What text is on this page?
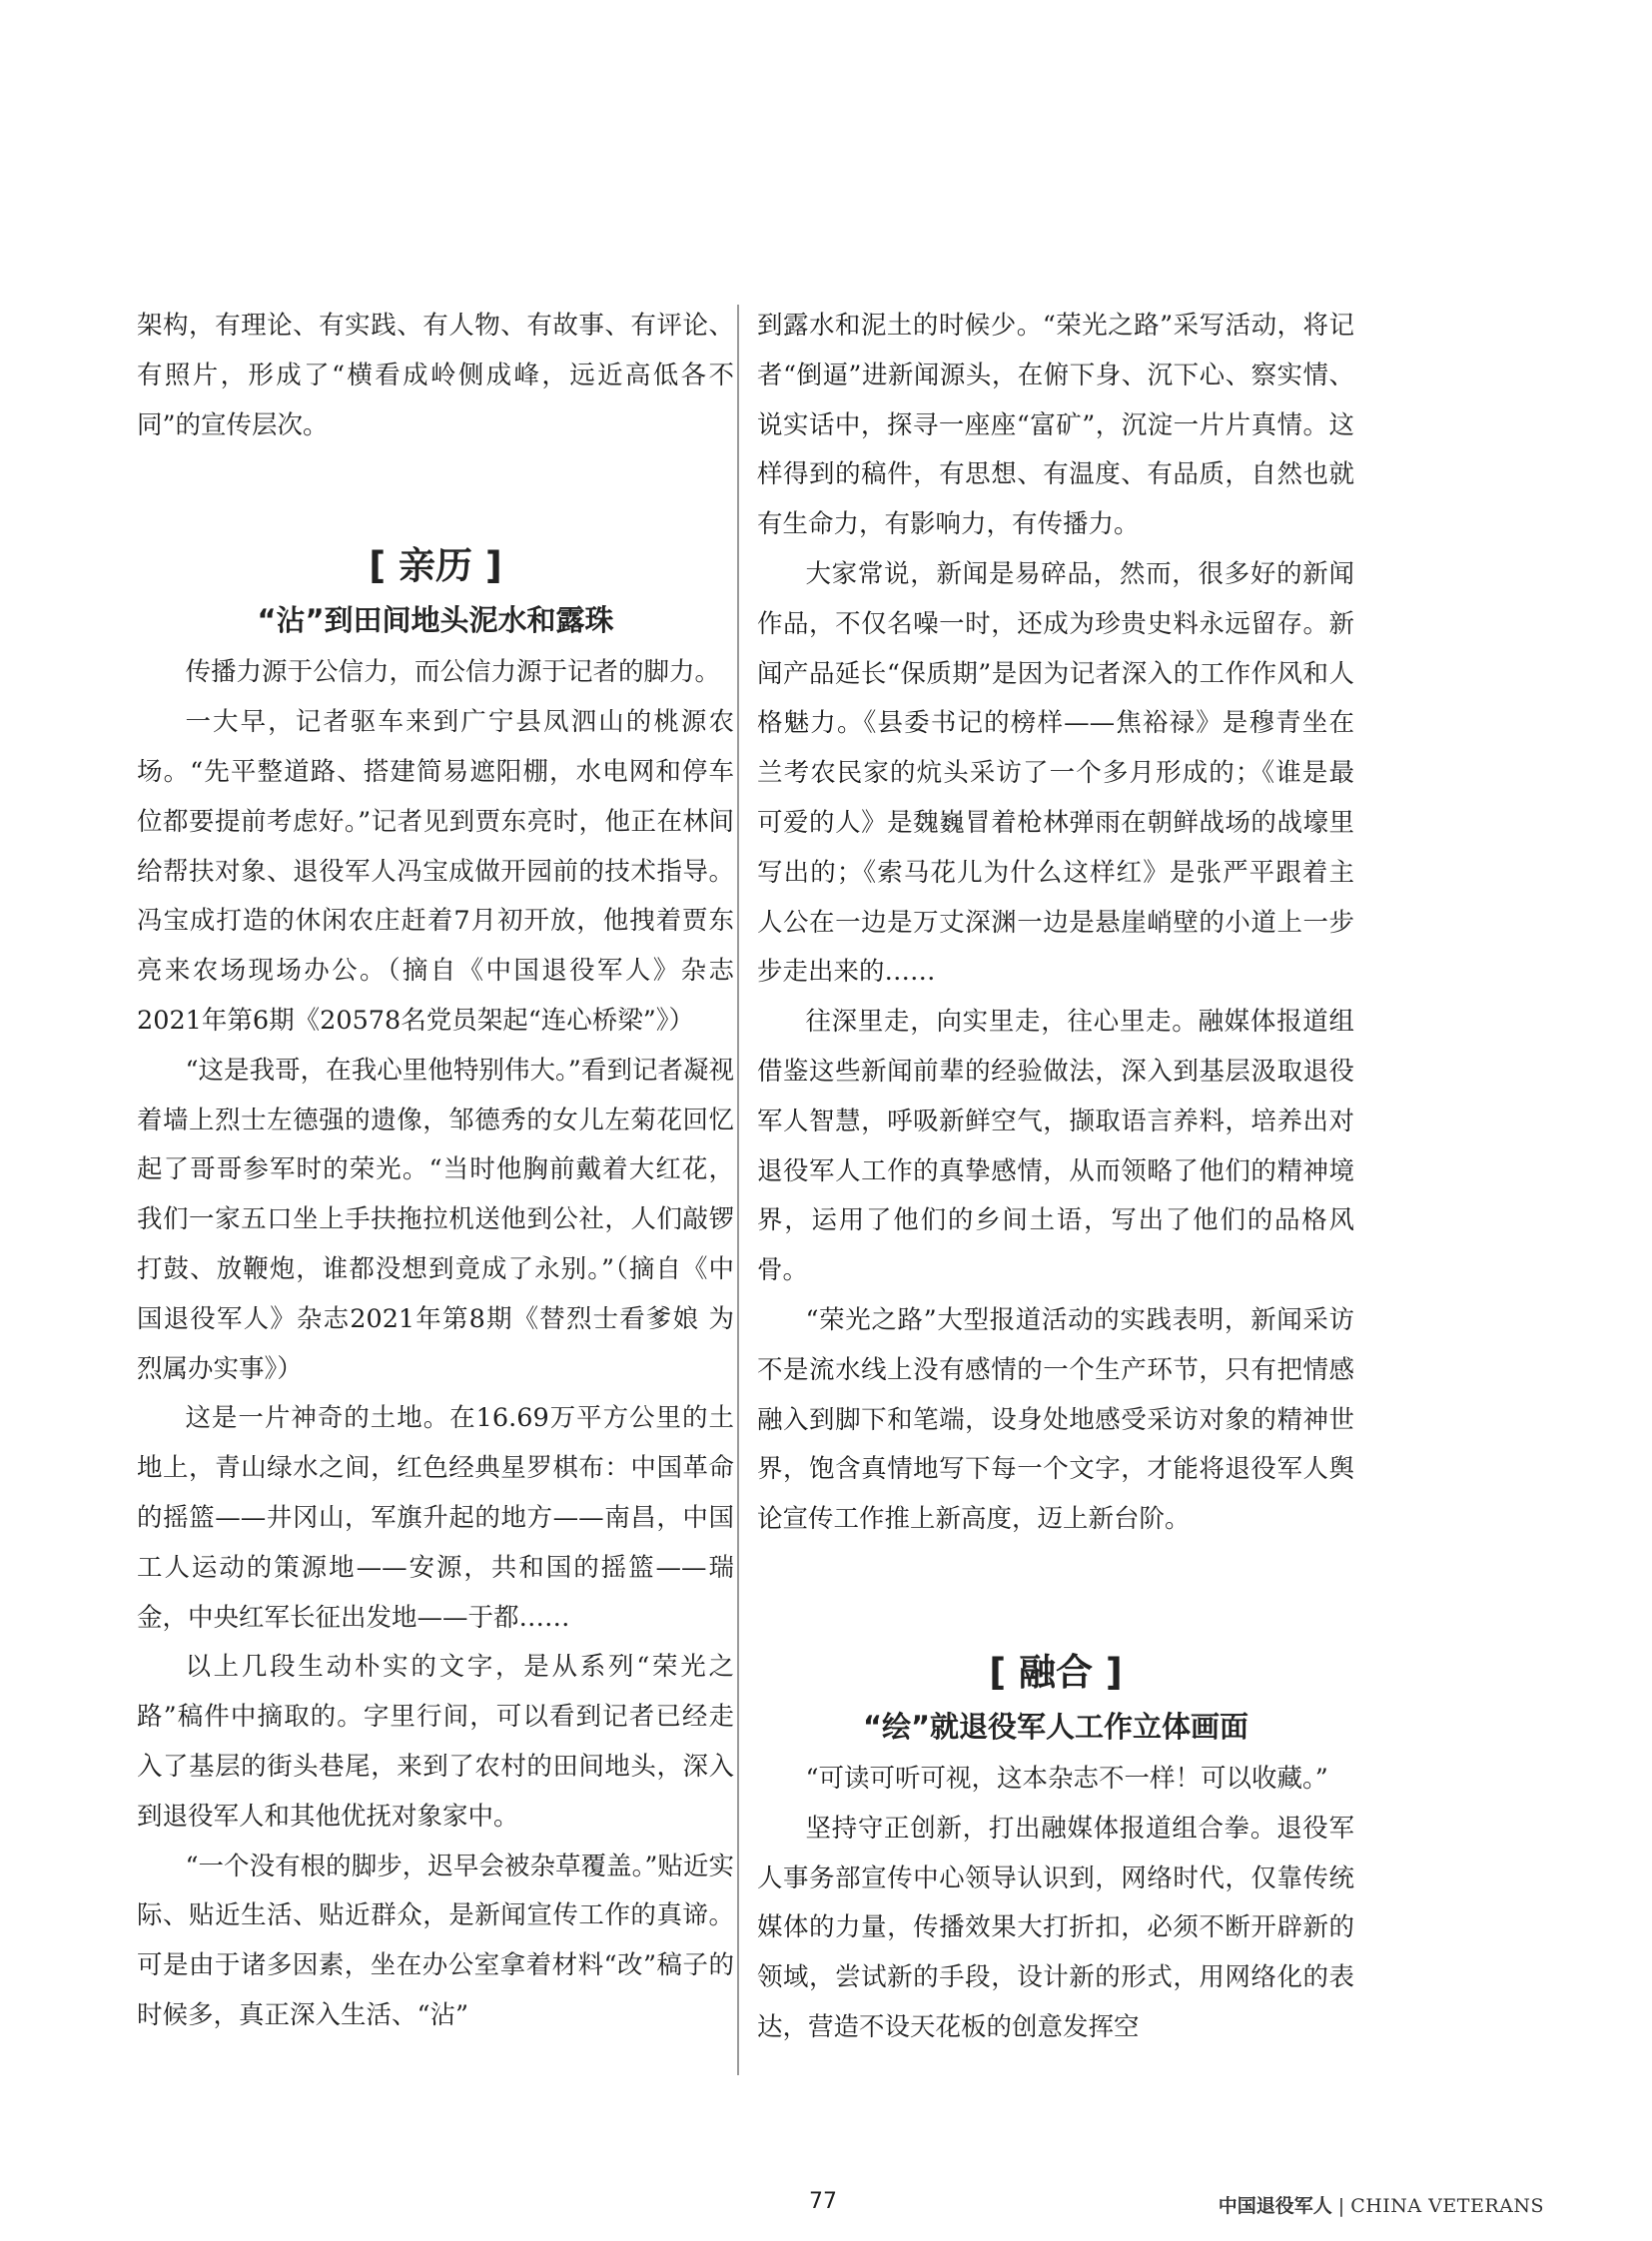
架构，有理论、有实践、有人物、有故事、有评论、有照片，形成了“横看成岭侧成峰，远近高低各不同”的宣传层次。

[ 亲历 ]
“沾”到田间地头泥水和露珠

传播力源于公信力，而公信力源于记者的脚力。

一大早，记者驱车来到广宁县凤泗山的桃源农场。“先平整道路、搭建简易遮阳棚，水电网和停车位都要提前考虑好。”记者见到贾东亮时，他正在林间给帮扶对象、退役军人冯宝成做开园前的技术指导。冯宝成打造的休闲农庄赶着7月初开放，他拽着贾东亮来农场现场办公。（摘自《中国退役军人》杂志2021年第6期《20578名党员架起“连心桥梁”》）

“这是我哥，在我心里他特别伟大。”看到记者凝视着墙上烈士左德强的遗像，邹德秀的女儿左菊花回忆起了哥哥参军时的荣光。“当时他胸前戴着大红花，我们一家五口坐上手扶拖拉机送他到公社，人们敲锣打鼓、放鞭炮，谁都没想到竟成了永别。”（摘自《中国退役军人》杂志2021年第8期《替烈士看爹娘 为烈属办实事》）

这是一片神奇的土地。在16.69万平方公里的土地上，青山绿水之间，红色经典星罗棋布：中国革命的摇篮——井冈山，军旗升起的地方——南昌，中国工人运动的策源地——安源，共和国的摇篮——瑞金，中央红军长征出发地——于都……

以上几段生动朴实的文字，是从系列“荣光之路”稿件中摘取的。字里行间，可以看到记者已经走入了基层的街头巷尾，来到了农村的田间地头，深入到退役军人和其他优抚对象家中。

“一个没有根的脚步，迟早会被杂草覆盖。”贴近实际、贴近生活、贴近群众，是新闻宣传工作的真谛。可是由于诸多因素，坐在办公室拿着材料“改”稿子的时候多，真正深入生活、“沾”

到露水和泥土的时候少。“荣光之路”采写活动，将记者“倒逼”进新闻源头，在俯下身、沉下心、察实情、说实话中，探寻一座座“富矿”，沉淀一片片真情。这样得到的稿件，有思想、有温度、有品质，自然也就有生命力，有影响力，有传播力。

大家常说，新闻是易碎品，然而，很多好的新闻作品，不仅名噪一时，还成为珍贵史料永远留存。新闻产品延长“保质期”是因为记者深入的工作作风和人格魅力。《县委书记的榜样——焦裕禄》是穆青坐在兰考农民家的炕头采访了一个多月形成的；《谁是最可爱的人》是魏巍冒着枪林弹雨在朝鲜战场的战壕里写出的；《索马花儿为什么这样红》是张严平跟着主人公在一边是万丈深渊一边是悬崖峭壁的小道上一步步走出来的……

往深里走，向实里走，往心里走。融媒体报道组借鉴这些新闻前辈的经验做法，深入到基层汲取退役军人智慧，呼吸新鲜空气，撷取语言养料，培养出对退役军人工作的真挚感情，从而领略了他们的精神境界，运用了他们的乡间土语，写出了他们的品格风骨。

“荣光之路”大型报道活动的实践表明，新闻采访不是流水线上没有感情的一个生产环节，只有把情感融入到脚下和笔端，设身处地感受采访对象的精神世界，饱含真情地写下每一个文字，才能将退役军人舆论宣传工作推上新高度，迈上新台阶。

[ 融合 ]
“绘”就退役军人工作立体画面

“可读可听可视，这本杂志不一样！可以收藏。”

坚持守正创新，打出融媒体报道组合拳。退役军人事务部宣传中心领导认识到，网络时代，仅靠传统媒体的力量，传播效果大打折扣，必须不断开辟新的领域，尝试新的手段，设计新的形式，用网络化的表达，营造不设天花板的创意发挥空

77	中国退役军人 | CHINA VETERANS
